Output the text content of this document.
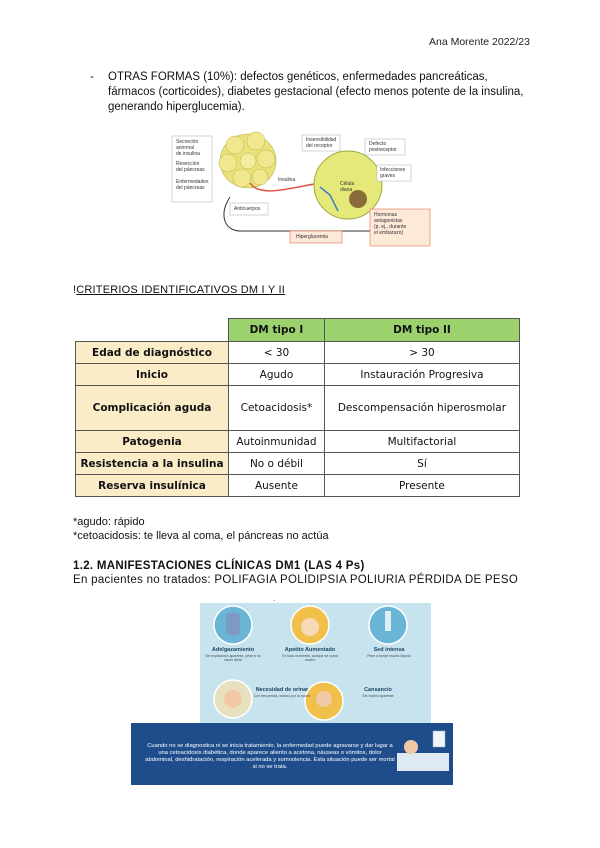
Ana Morente 2022/23
- OTRAS FORMAS (10%): defectos genéticos, enfermedades pancreáticas, fármacos (corticoides), diabetes gestacional (efecto menos potente de la insulina, generando hiperglucemia).
Secreción
anormal
de insulina
Resección
del páncreas
Enfermedades
del páncreas
Insensibilidad
del receptor	Defecto
postreceptor
Infecciones
graves
Insulina
Célula
diana
Anticuerpos
Hiperglucemia
Hormonas
antagonistas
(p. ej., durante
el embarazo)
!CRITERIOS IDENTIFICATIVOS DM I Y II
	DM tipo I	DM tipo II
Edad de diagnóstico	< 30	> 30
Inicio	Agudo	Instauración Progresiva
Complicación aguda	Cetoacidosis*	Descompensación hiperosmolar
Patogenia	Autoinmunidad	Multifactorial
Resistencia a la insulina	No o débil	Sí
Reserva insulínica	Ausente	Presente
*agudo: rápido
*cetoacidosis: te lleva al coma, el páncreas no actúa
1.2. MANIFESTACIONES CLÍNICAS DM1 (LAS 4 Ps)
En pacientes no tratados: POLIFAGIA POLIDIPSIA POLIURIA PÉRDIDA DE PESO
.
Adelgazamiento
Sin explicación aparente, pese a no hacer dieta
Apetito Aumentado
En todo momento, aunque se coma mucho
Sed intensa
Pese a tomar mucho líquido
Necesidad de orinar
Con frecuencia, incluso por la noche
Cansancio
Sin motivo aparente
Cuando no se diagnostica ni se inicia tratamiento, la enfermedad puede agravarse y dar lugar a una cetoacidosis diabética, donde aparece aliento a acetona, náuseas o vómitos, dolor abdominal, deshidratación, respiración acelerada y somnolencia. Esta situación puede ser mortal si no se trata.
